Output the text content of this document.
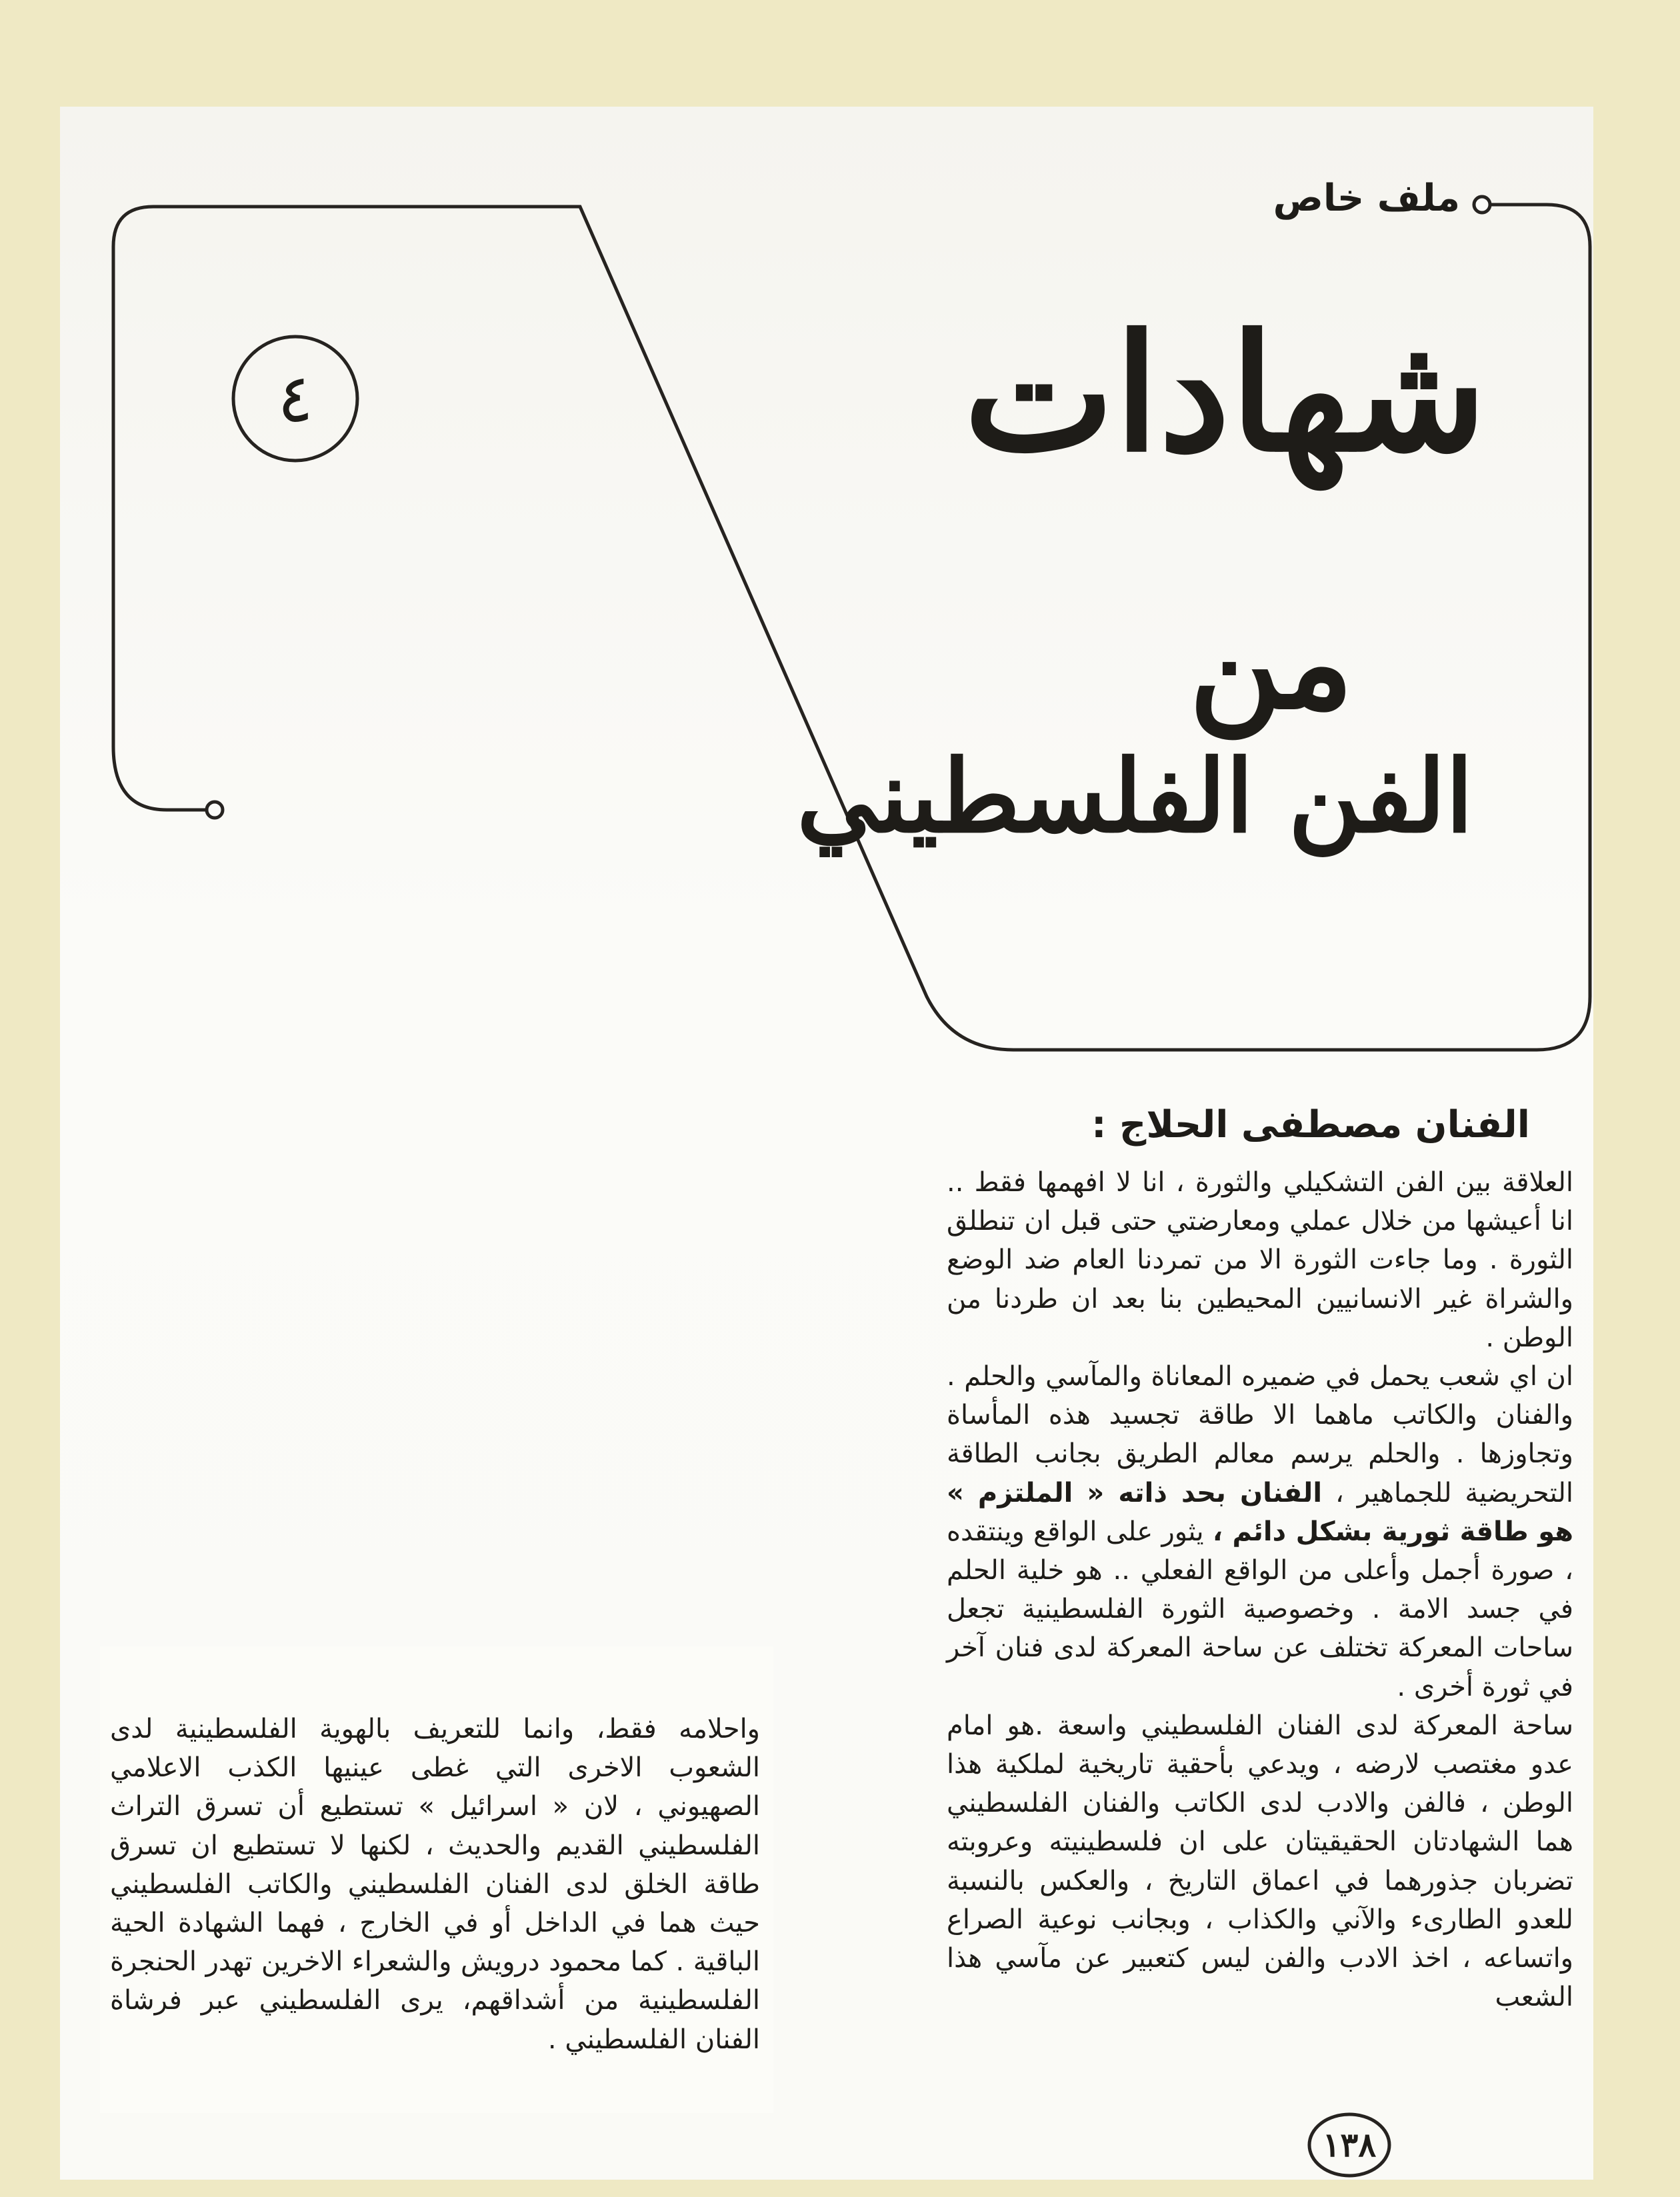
ملف خاص
شهادات
من
الفن الفلسطيني
٤
الفنان مصطفى الحلاج :

العلاقة بين الفن التشكيلي والثورة ، انا لا افهمها فقط .. انا أعيشها من خلال عملي ومعارضتي حتى قبل ان تنطلق الثورة . وما جاءت الثورة الا من تمردنا العام ضد الوضع والشراة غير الانسانيين المحيطين بنا بعد ان طردنا من الوطن .

ان اي شعب يحمل في ضميره المعاناة والمآسي والحلم . والفنان والكاتب ماهما الا طاقة تجسيد هذه المأساة وتجاوزها . والحلم يرسم معالم الطريق بجانب الطاقة التحريضية للجماهير ، الفنان بحد ذاته « الملتزم » هو طاقة ثورية بشكل دائم ، يثور على الواقع وينتقده ، صورة أجمل وأعلى من الواقع الفعلي .. هو خلية الحلم في جسد الامة . وخصوصية الثورة الفلسطينية تجعل ساحات المعركة تختلف عن ساحة المعركة لدى فنان آخر في ثورة أخرى .

ساحة المعركة لدى الفنان الفلسطيني واسعة .هو امام عدو مغتصب لارضه ، ويدعي بأحقية تاريخية لملكية هذا الوطن ، فالفن والادب لدى الكاتب والفنان الفلسطيني هما الشهادتان الحقيقيتان على ان فلسطينيته وعروبته تضربان جذورهما في اعماق التاريخ ، والعكس بالنسبة للعدو الطارىء والآني والكذاب ، وبجانب نوعية الصراع واتساعه ، اخذ الادب والفن ليس كتعبير عن مآسي هذا الشعب

واحلامه فقط، وانما للتعريف بالهوية الفلسطينية لدى الشعوب الاخرى التي غطى عينيها الكذب الاعلامي الصهيوني ، لان « اسرائيل » تستطيع أن تسرق التراث الفلسطيني القديم والحديث ، لكنها لا تستطيع ان تسرق طاقة الخلق لدى الفنان الفلسطيني والكاتب الفلسطيني حيث هما في الداخل أو في الخارج ، فهما الشهادة الحية الباقية . كما محمود درويش والشعراء الاخرين تهدر الحنجرة الفلسطينية من أشداقهم، يرى الفلسطيني عبر فرشاة الفنان الفلسطيني .

١٣٨
